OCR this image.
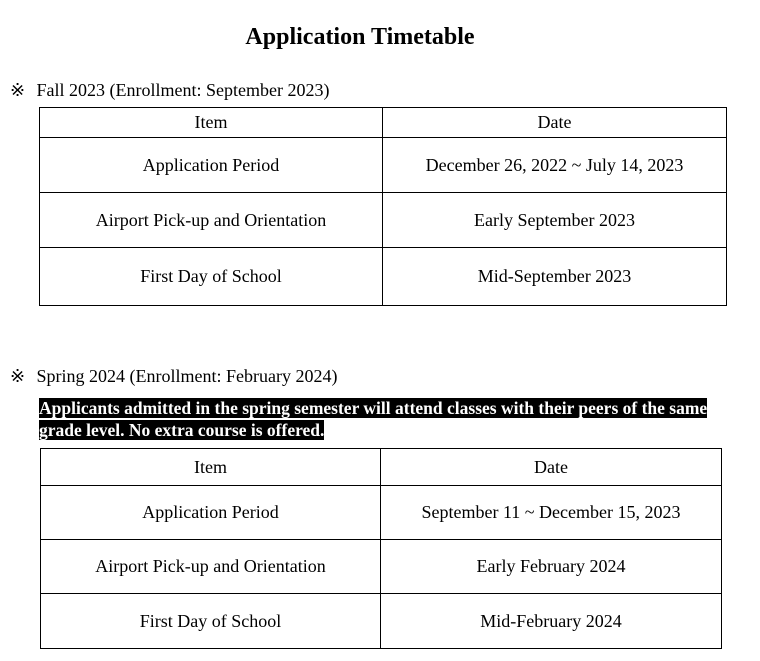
Application Timetable
※ Fall 2023 (Enrollment: September 2023)
Item	Date
Application Period	December 26, 2022 ~ July 14, 2023
Airport Pick-up and Orientation	Early September 2023
First Day of School	Mid-September 2023
※ Spring 2024 (Enrollment: February 2024)
Applicants admitted in the spring semester will attend classes with their peers of the same grade level. No extra course is offered.
Item	Date
Application Period	September 11 ~ December 15, 2023
Airport Pick-up and Orientation	Early February 2024
First Day of School	Mid-February 2024
